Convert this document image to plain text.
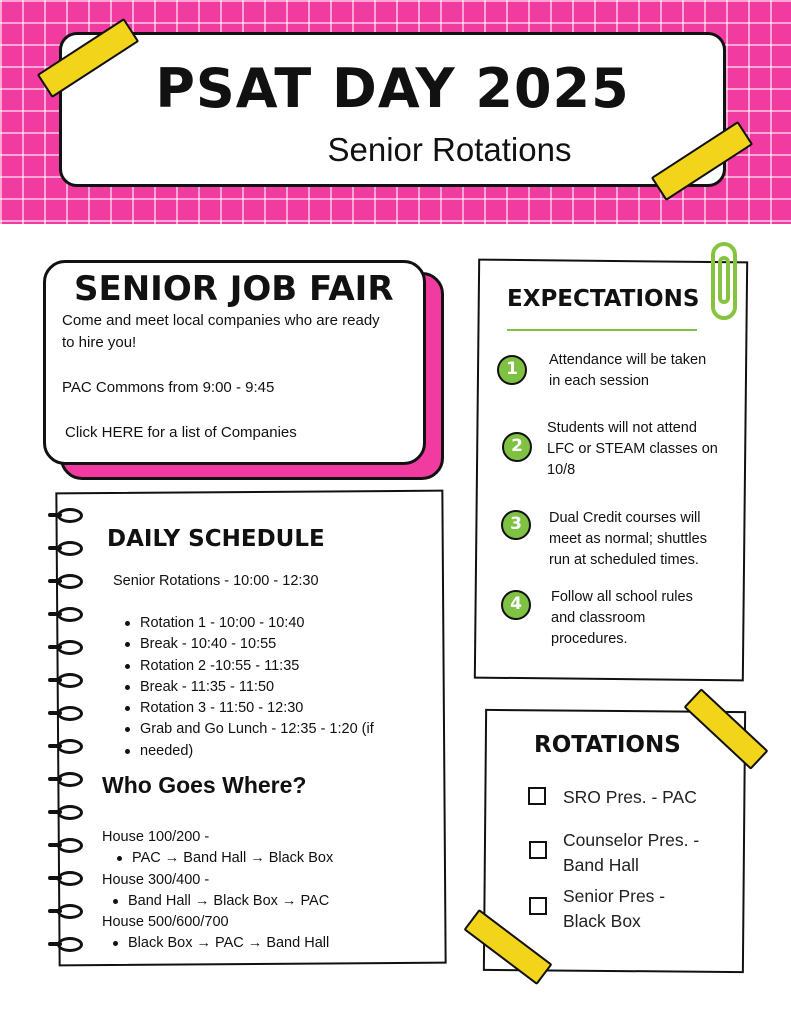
PSAT DAY 2025
Senior Rotations
SENIOR JOB FAIR
Come and meet local companies who are ready
to hire you!
PAC Commons from 9:00 - 9:45
Click HERE for a list of Companies
EXPECTATIONS
1	Attendance will be taken
in each session
2
Students will not attend
LFC or STEAM classes on
10/8
3	Dual Credit courses will
meet as normal; shuttles
run at scheduled times.
4	Follow all school rules
and classroom
procedures.
DAILY SCHEDULE
Senior Rotations - 10:00 - 12:30
Rotation 1 - 10:00 - 10:40
Break - 10:40 - 10:55
Rotation 2 -10:55 - 11:35
Break - 11:35 - 11:50
Rotation 3 - 11:50 - 12:30
Grab and Go Lunch - 12:35 - 1:20 (if
needed)
Who Goes Where?
House 100/200 -
PAC → Band Hall → Black Box
House 300/400 -
Band Hall → Black Box → PAC
House 500/600/700
Black Box → PAC → Band Hall
ROTATIONS
SRO Pres. - PAC
Counselor Pres. -
Band Hall
Senior Pres -
Black Box
